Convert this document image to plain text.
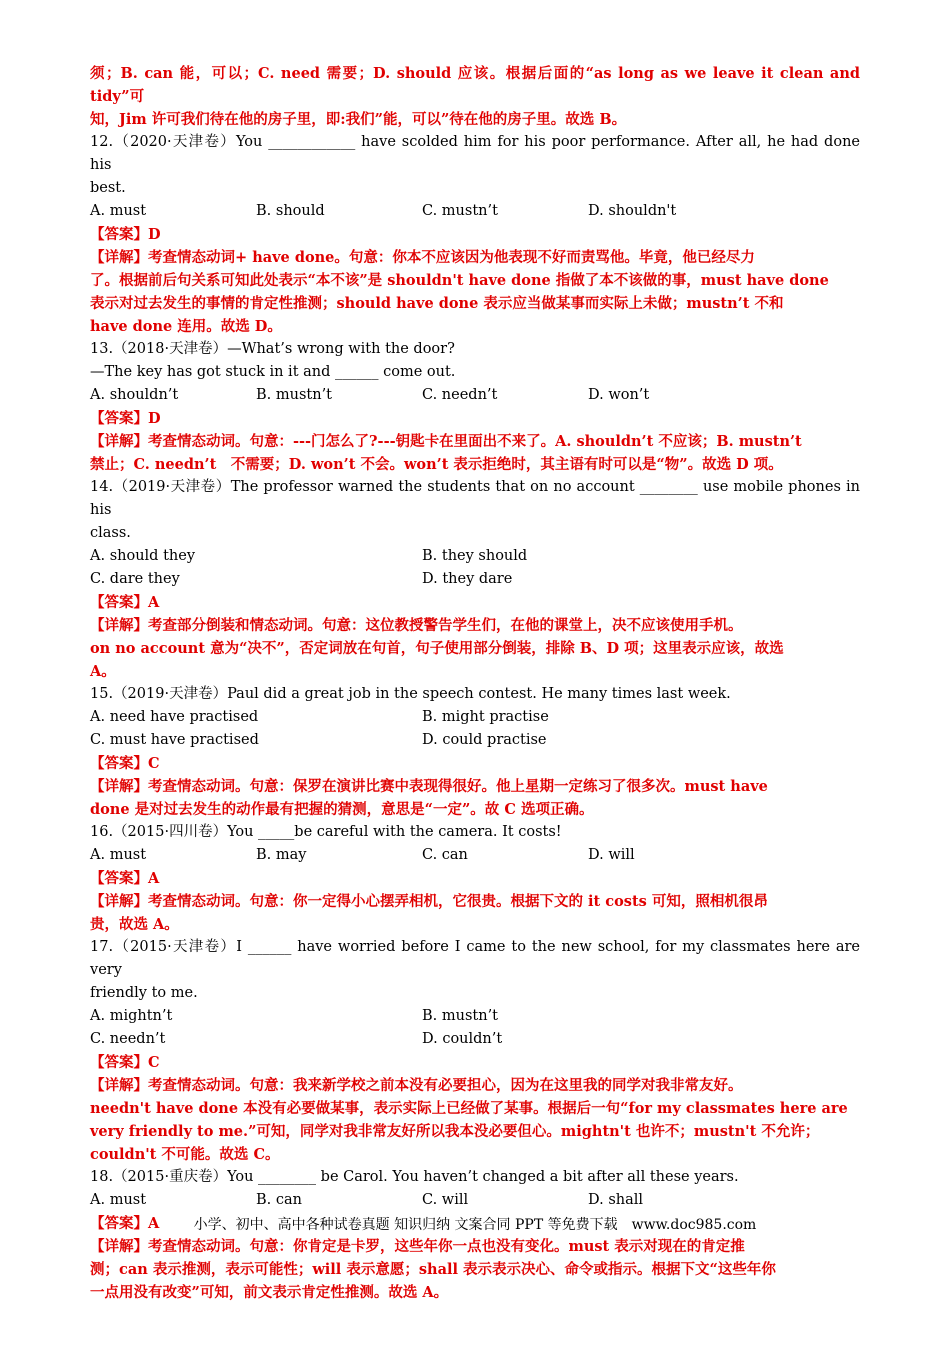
须；B. can 能，可以；C. need 需要；D. should 应该。根据后面的“as long as we leave it clean and tidy”可

知，Jim 许可我们待在他的房子里，即:我们”能，可以”待在他的房子里。故选 B。

12.（2020·天津卷）You ____________ have scolded him for his poor performance. After all, he had done his

best.

A. must	B. should	C. mustn’t	D. shouldn't

【答案】D

【详解】考查情态动词+ have done。句意：你本不应该因为他表现不好而责骂他。毕竟，他已经尽力

了。根据前后句关系可知此处表示“本不该”是 shouldn't have done 指做了本不该做的事，must have done

表示对过去发生的事情的肯定性推测；should have done 表示应当做某事而实际上未做；mustn’t 不和

have done 连用。故选 D。

13.（2018·天津卷）—What’s wrong with the door?

—The key has got stuck in it and ______ come out.

A. shouldn’t	B. mustn’t	C. needn’t	D. won’t

【答案】D

【详解】考查情态动词。句意：---门怎么了?---钥匙卡在里面出不来了。A. shouldn’t 不应该；B. mustn’t

禁止；C. needn’t　不需要；D. won’t 不会。won’t 表示拒绝时，其主语有时可以是“物”。故选 D 项。

14.（2019·天津卷）The professor warned the students that on no account ________ use mobile phones in his

class.

A. should they	B. they should
C. dare they	D. they dare

【答案】A

【详解】考查部分倒装和情态动词。句意：这位教授警告学生们，在他的课堂上，决不应该使用手机。

on no account 意为“决不”，否定词放在句首，句子使用部分倒装，排除 B、D 项；这里表示应该，故选

A。

15.（2019·天津卷）Paul did a great job in the speech contest. He many times last week.

A. need have practised	B. might practise
C. must have practised	D. could practise

【答案】C

【详解】考查情态动词。句意：保罗在演讲比赛中表现得很好。他上星期一定练习了很多次。must have

done 是对过去发生的动作最有把握的猜测，意思是“一定”。故 C 选项正确。

16.（2015·四川卷）You _____be careful with the camera. It costs!

A. must	B. may	C. can	D. will

【答案】A

【详解】考查情态动词。句意：你一定得小心摆弄相机，它很贵。根据下文的 it costs 可知，照相机很昂

贵，故选 A。

17.（2015·天津卷）I ______ have worried before I came to the new school, for my classmates here are very

friendly to me.

A. mightn’t	B. mustn’t
C. needn’t	D. couldn’t

【答案】C

【详解】考查情态动词。句意：我来新学校之前本没有必要担心，因为在这里我的同学对我非常友好。

needn't have done 本没有必要做某事，表示实际上已经做了某事。根据后一句“for my classmates here are

very friendly to me.”可知，同学对我非常友好所以我本没必要但心。mightn't 也许不；mustn't 不允许；

couldn't 不可能。故选 C。

18.（2015·重庆卷）You ________ be Carol. You haven’t changed a bit after all these years.

A. must	B. can	C. will	D. shall

【答案】A

【详解】考查情态动词。句意：你肯定是卡罗，这些年你一点也没有变化。must 表示对现在的肯定推

测；can 表示推测，表示可能性；will 表示意愿；shall 表示表示决心、命令或指示。根据下文“这些年你

一点用没有改变”可知，前文表示肯定性推测。故选 A。

小学、初中、高中各种试卷真题 知识归纳 文案合同 PPT 等免费下载　www.doc985.com
